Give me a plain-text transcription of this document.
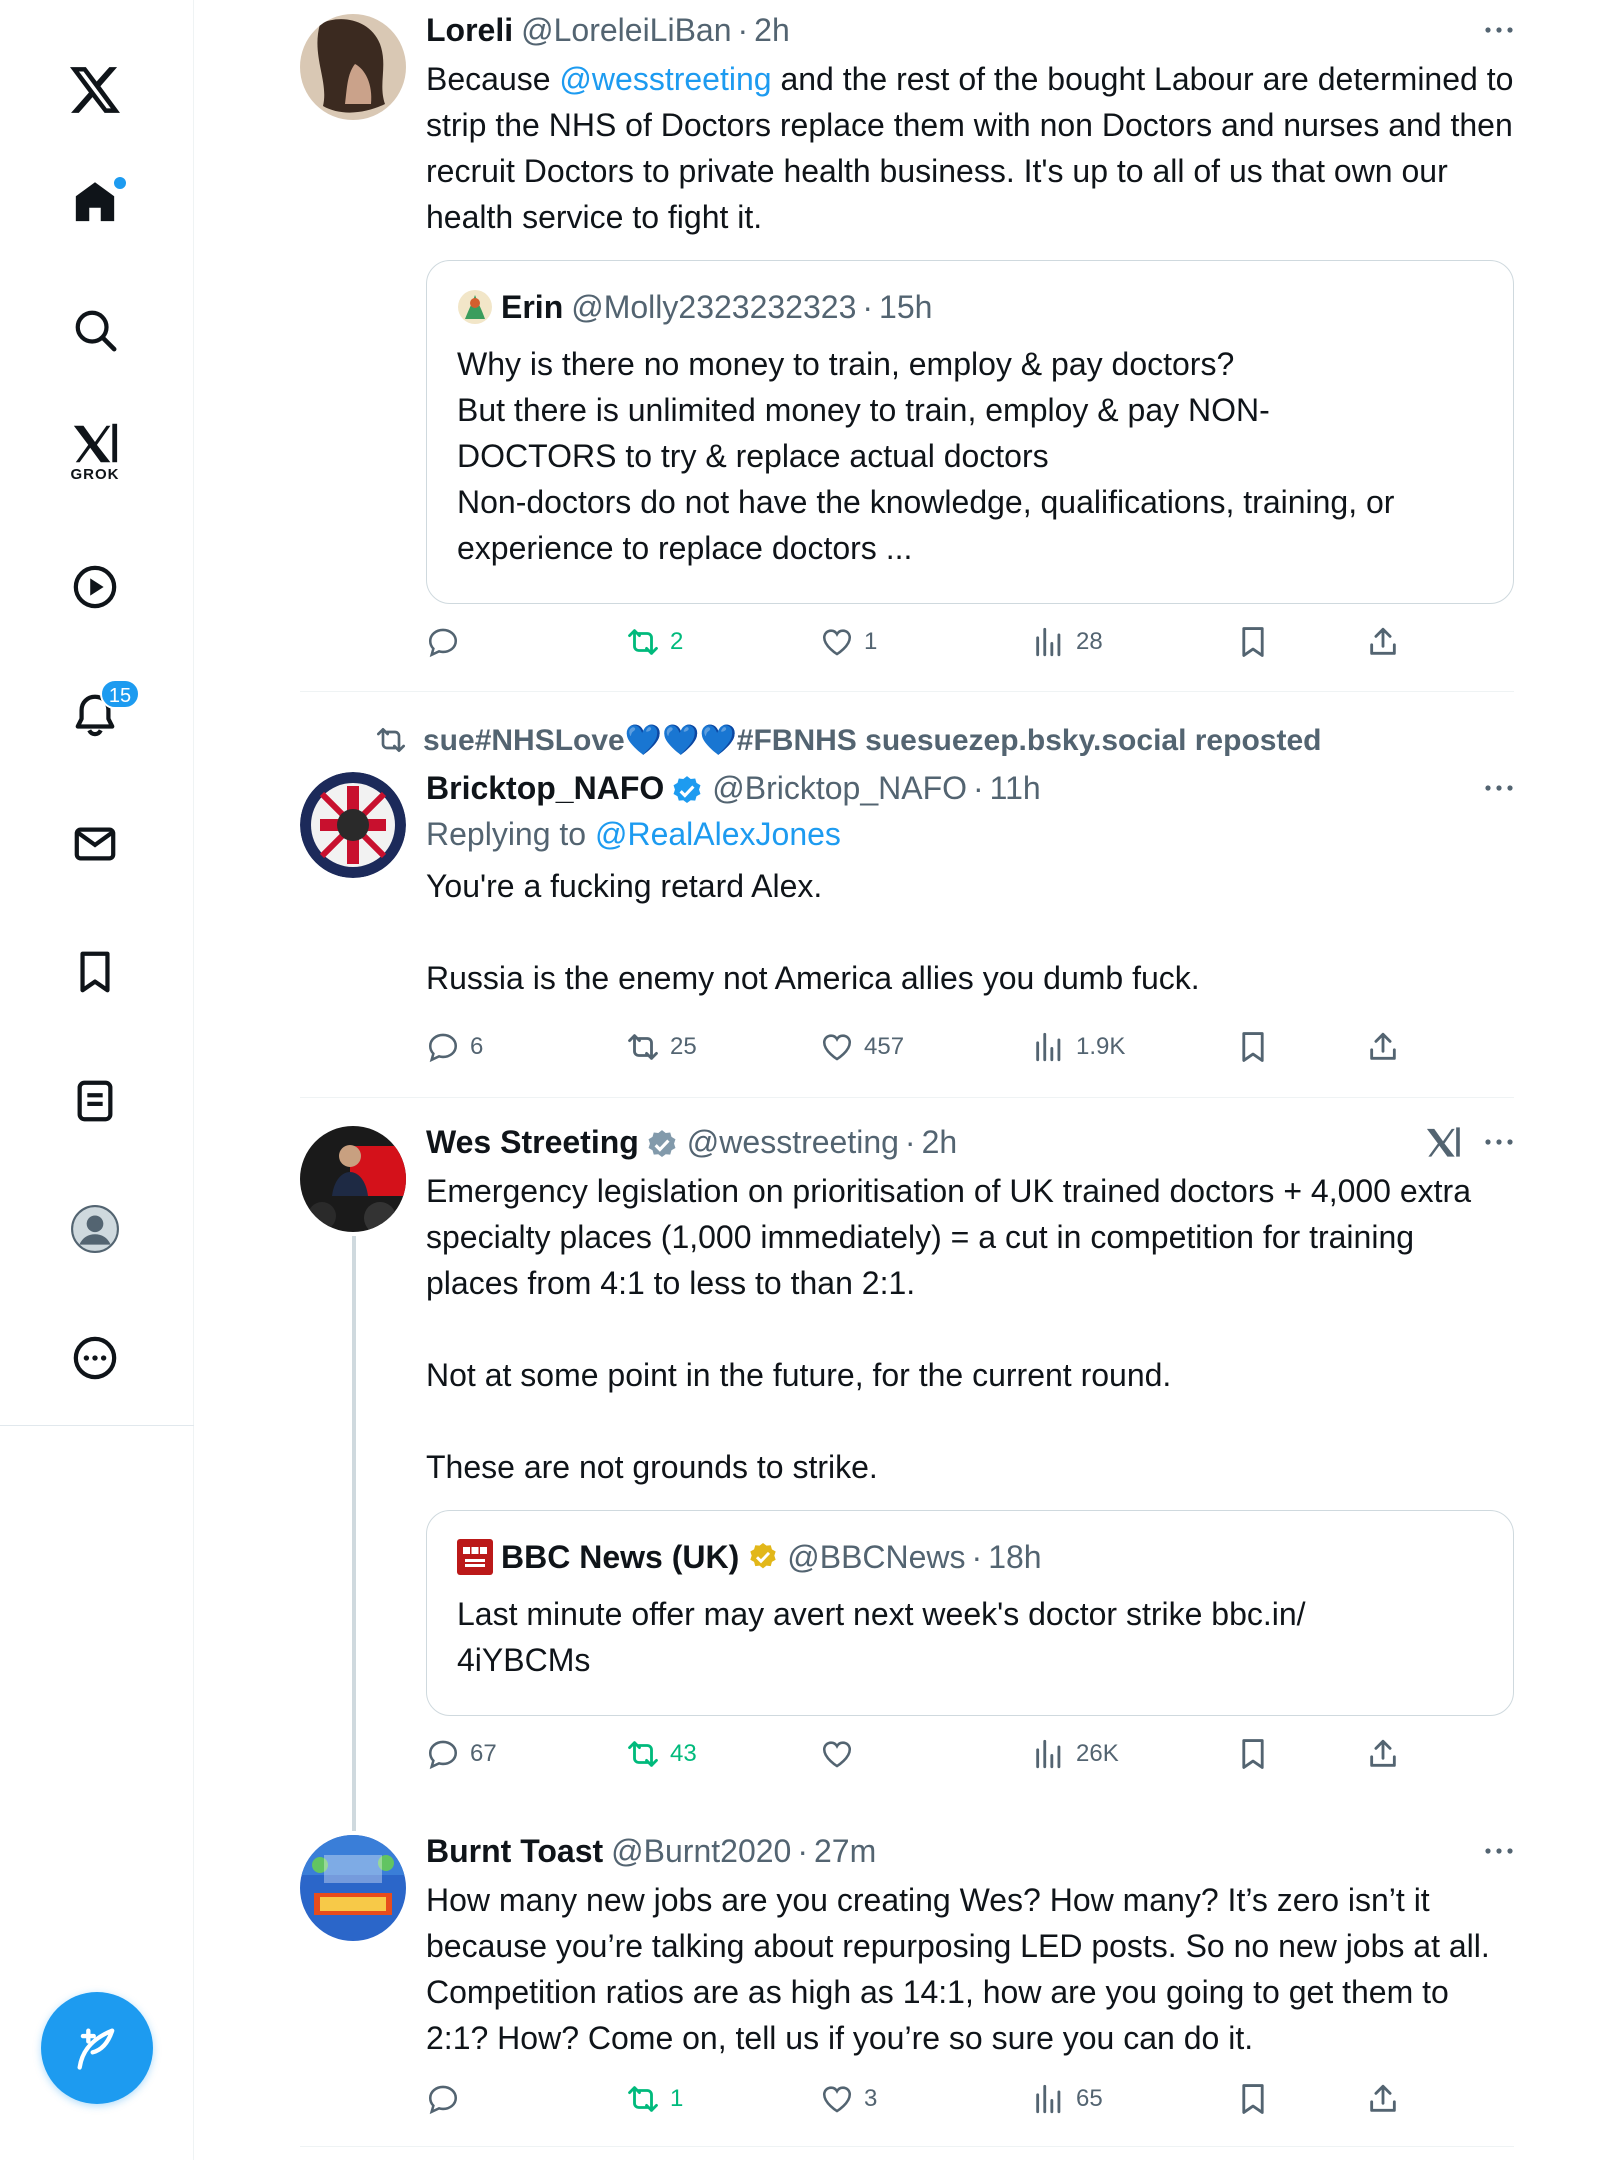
GROK
15
Loreli @LoreleiLiBan · 2h
Because @wesstreeting and the rest of the bought Labour are determined to strip the NHS of Doctors replace them with non Doctors and nurses and then recruit Doctors to private health business. It's up to all of us that own our health service to fight it.
Erin @Molly2323232323 · 15h
Why is there no money to train, employ & pay doctors?
But there is unlimited money to train, employ & pay NON-
DOCTORS to try & replace actual doctors
Non-doctors do not have the knowledge, qualifications, training, or experience to replace doctors ...
2	1	28
sue#NHSLove💙💙💙#FBNHS suesuezep.bsky.social reposted
Bricktop_NAFO @Bricktop_NAFO · 11h
Replying to @RealAlexJones
You're a fucking retard Alex.

Russia is the enemy not America allies you dumb fuck.
6	25	457	1.9K
Wes Streeting @wesstreeting · 2h
Emergency legislation on prioritisation of UK trained doctors + 4,000 extra specialty places (1,000 immediately) = a cut in competition for training places from 4:1 to less to than 2:1.

Not at some point in the future, for the current round.

These are not grounds to strike.
BBC News (UK) @BBCNews · 18h
Last minute offer may avert next week's doctor strike bbc.in/
4iYBCMs
67	43	26K
Burnt Toast @Burnt2020 · 27m
How many new jobs are you creating Wes? How many? It’s zero isn’t it because you’re talking about repurposing LED posts. So no new jobs at all. Competition ratios are as high as 14:1, how are you going to get them to 2:1? How? Come on, tell us if you’re so sure you can do it.
1	3	65
